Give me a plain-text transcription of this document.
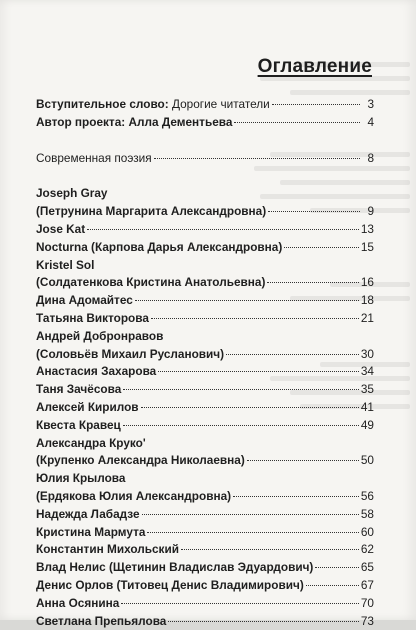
Оглавление
Вступительное слово: Дорогие читатели	3
Автор проекта: Алла Дементьева	4
Современная поэзия	8
Joseph Gray
(Петрунина Маргарита Александровна)	9
Jose Kat	13
Nocturna (Карпова Дарья Александровна)	15
Kristel Sol
(Солдатенкова Кристина Анатольевна)	16
Дина Адомайтес	18
Татьяна Викторова	21
Андрей Добронравов
(Соловьёв Михаил Русланович)	30
Анастасия Захарова	34
Таня Зачёсова	35
Алексей Кирилов	41
Квеста Кравец	49
Александра Круко'
(Крупенко Александра Николаевна)	50
Юлия Крылова
(Ердякова Юлия Александровна)	56
Надежда Лабадзе	58
Кристина Мармута	60
Константин Михольский	62
Влад Нелис (Щетинин Владислав Эдуардович)	65
Денис Орлов (Титовец Денис Владимирович)	67
Анна Осянина	70
Светлана Препьялова	73
